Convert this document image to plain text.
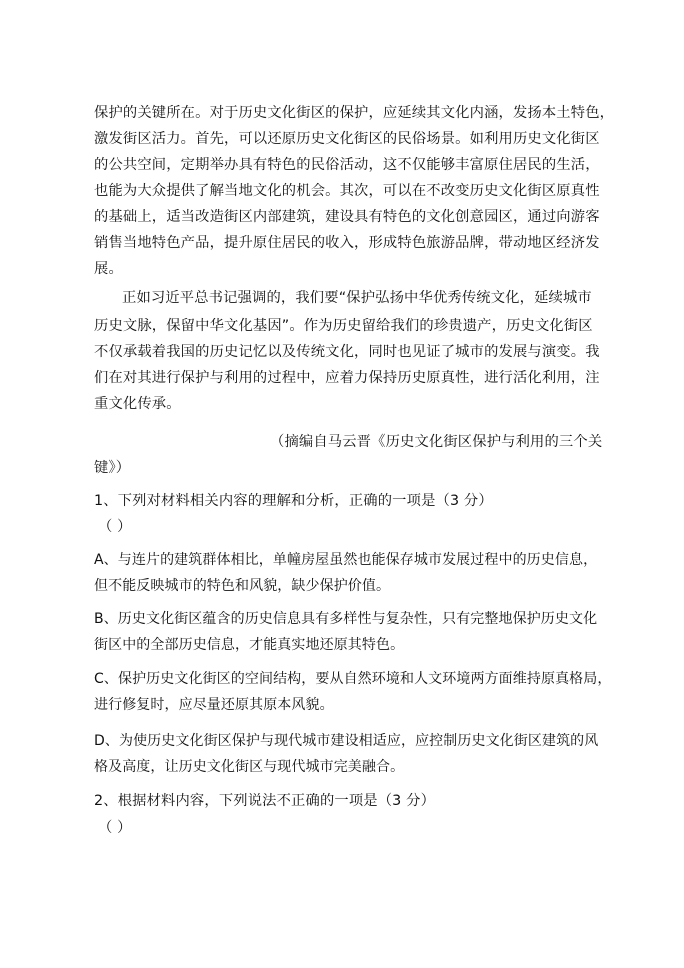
保护的关键所在。对于历史文化街区的保护，应延续其文化内涵，发扬本土特色，
激发街区活力。首先，可以还原历史文化街区的民俗场景。如利用历史文化街区
的公共空间，定期举办具有特色的民俗活动，这不仅能够丰富原住居民的生活，
也能为大众提供了解当地文化的机会。其次，可以在不改变历史文化街区原真性
的基础上，适当改造街区内部建筑，建设具有特色的文化创意园区，通过向游客
销售当地特色产品，提升原住居民的收入，形成特色旅游品牌，带动地区经济发
展。
正如习近平总书记强调的，我们要“保护弘扬中华优秀传统文化，延续城市
历史文脉，保留中华文化基因”。作为历史留给我们的珍贵遗产，历史文化街区
不仅承载着我国的历史记忆以及传统文化，同时也见证了城市的发展与演变。我
们在对其进行保护与利用的过程中，应着力保持历史原真性，进行活化利用，注
重文化传承。
（摘编自马云晋《历史文化街区保护与利用的三个关
键》）
1、下列对材料相关内容的理解和分析，正确的一项是（3 分）
（ ）
A、与连片的建筑群体相比，单幢房屋虽然也能保存城市发展过程中的历史信息，
但不能反映城市的特色和风貌，缺少保护价值。
B、历史文化街区蕴含的历史信息具有多样性与复杂性，只有完整地保护历史文化
街区中的全部历史信息，才能真实地还原其特色。
C、保护历史文化街区的空间结构，要从自然环境和人文环境两方面维持原真格局，
进行修复时，应尽量还原其原本风貌。
D、为使历史文化街区保护与现代城市建设相适应，应控制历史文化街区建筑的风
格及高度，让历史文化街区与现代城市完美融合。
2、根据材料内容，下列说法不正确的一项是（3 分）
（ ）
